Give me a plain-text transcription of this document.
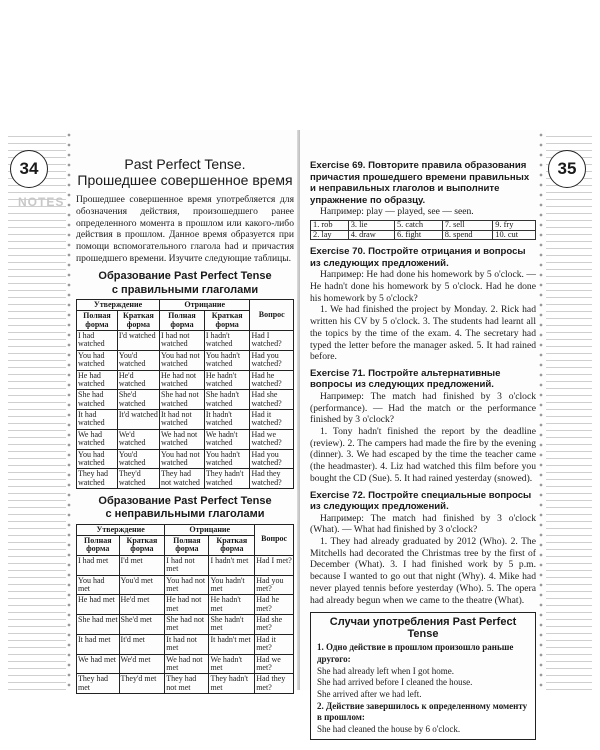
Past Perfect Tense.
Прошедшее совершенное время
Прошедшее совершенное время употребляется для обозначения действия, произошедшего ранее определенного момента в прошлом или какого-либо действия в прошлом. Данное время образуется при помощи вспомогательного глагола had и причастия прошедшего времени. Изучите следующие таблицы.
Образование Past Perfect Tense
с правильными глаголами
Утверждение		Отрицание		Вопрос
Полная форма	Краткая форма	Полная форма	Краткая форма	
I had watched	I'd watched	I had not watched	I hadn't watched	Had I watched?
You had watched	You'd watched	You had not watched	You hadn't watched	Had you watched?
He had watched	He'd watched	He had not watched	He hadn't watched	Had he watched?
She had watched	She'd watched	She had not watched	She hadn't watched	Had she watched?
It had watched	It'd watched	It had not watched	It hadn't watched	Had it watched?
We had watched	We'd watched	We had not watched	We hadn't watched	Had we watched?
You had watched	You'd watched	You had not watched	You hadn't watched	Had you watched?
They had watched	They'd watched	They had not watched	They hadn't watched	Had they watched?
Образование Past Perfect Tense
с неправильными глаголами
Утверждение		Отрицание		Вопрос
Полная форма	Краткая форма	Полная форма	Краткая форма	
I had met	I'd met	I had not met	I hadn't met	Had I met?
You had met	You'd met	You had not met	You hadn't met	Had you met?
He had met	He'd met	He had not met	He hadn't met	Had he met?
She had met	She'd met	She had not met	She hadn't met	Had she met?
It had met	It'd met	It had not met	It hadn't met	Had it met?
We had met	We'd met	We had not met	We hadn't met	Had we met?
They had met	They'd met	They had not met	They hadn't met	Had they met?
Exercise 69. Повторите правила образования причастия прошедшего времени правильных и неправильных глаголов и выполните упражнение по образцу.
Например: play — played, see — seen.
1. rob	3. lie	5. catch	7. sell	9. fry
2. lay	4. draw	6. fight	8. spend	10. cut
Exercise 70. Постройте отрицания и вопросы из следующих предложений.
Например: He had done his homework by 5 o'clock. — He hadn't done his homework by 5 o'clock. Had he done his homework by 5 o'clock?
1. We had finished the project by Monday. 2. Rick had written his CV by 5 o'clock. 3. The students had learnt all the topics by the time of the exam. 4. The secretary had typed the letter before the manager asked. 5. It had rained before.
Exercise 71. Постройте альтернативные вопросы из следующих предложений.
Например: The match had finished by 3 o'clock (performance). — Had the match or the performance finished by 3 o'clock?
1. Tony hadn't finished the report by the deadline (review). 2. The campers had made the fire by the evening (dinner). 3. We had escaped by the time the teacher came (the headmaster). 4. Liz had watched this film before you bought the CD (Sue). 5. It had rained yesterday (snowed).
Exercise 72. Постройте специальные вопросы из следующих предложений.
Например: The match had finished by 3 o'clock (What). — What had finished by 3 o'clock?
1. They had already graduated by 2012 (Who). 2. The Mitchells had decorated the Christmas tree by the first of December (What). 3. I had finished work by 5 p.m. because I wanted to go out that night (Why). 4. Mike had never played tennis before yesterday (Who). 5. The opera had already begun when we came to the theatre (What).
Случаи употребления Past Perfect Tense
1. Одно действие в прошлом произошло раньше другого:
She had already left when I got home.
She had arrived before I cleaned the house.
She arrived after we had left.
2. Действие завершилось к определенному моменту в прошлом:
She had cleaned the house by 6 o'clock.
34	35
NOTES
